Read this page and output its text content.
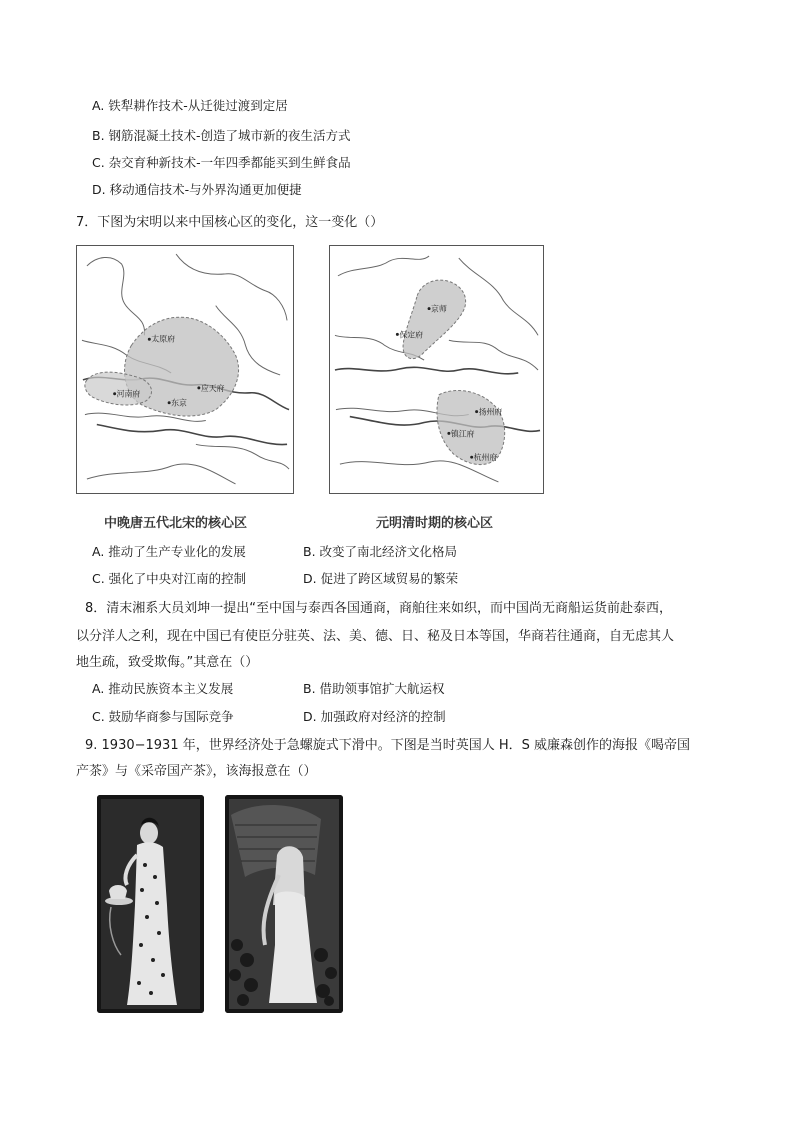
A. 铁犁耕作技术-从迁徙过渡到定居
B. 钢筋混凝土技术-创造了城市新的夜生活方式
C. 杂交育种新技术-一年四季都能买到生鲜食品
D. 移动通信技术-与外界沟通更加便捷
7．下图为宋明以来中国核心区的变化，这一变化（）
太原府
河南府
东京
应天府
京师
保定府
扬州府
镇江府
杭州府
中晚唐五代北宋的核心区	元明清时期的核心区
A. 推动了生产专业化的发展	B. 改变了南北经济文化格局
C. 强化了中央对江南的控制	D. 促进了跨区域贸易的繁荣
8．清末湘系大员刘坤一提出“至中国与泰西各国通商，商舶往来如织，而中国尚无商船运货前赴泰西，
以分洋人之利，现在中国已有使臣分驻英、法、美、德、日、秘及日本等国，华商若往通商，自无虑其人
地生疏，致受欺侮。”其意在（）
A. 推动民族资本主义发展	B. 借助领事馆扩大航运权
C. 鼓励华商参与国际竞争	D. 加强政府对经济的控制
9. 1930−1931 年，世界经济处于急螺旋式下滑中。下图是当时英国人 H．S 威廉森创作的海报《喝帝国
产茶》与《采帝国产茶》，该海报意在（）
